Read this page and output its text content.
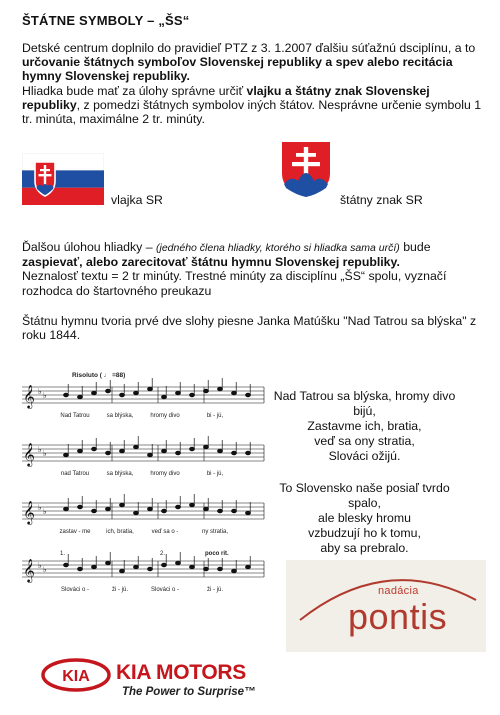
ŠTÁTNE SYMBOLY – „ŠS“
Detské centrum doplnilo do pravidieľ PTZ z 3. 1.2007 ďalšiu súťažnú dsciplínu, a to určovanie štátnych symboľov Slovenskej republiky a spev alebo recitácia hymny Slovenskej republiky.
Hliadka bude mať za úlohy správne určiť vlajku a štátny znak Slovenskej republiky, z pomedzi štátnych symbolov iných štátov. Nesprávne určenie symbolu 1 tr. minúta, maximálne 2 tr. minúty.
vlajka SR	štátny znak SR
Ďalšou úlohou hliadky – (jedného člena hliadky, ktorého si hliadka sama určí) bude zaspievať, alebo zarecitovať štátnu hymnu Slovenskej republiky.
Neznalosť textu = 2 tr minúty. Trestné minúty za disciplínu „ŠS“ spolu, vyznačí rozhodca do štartovného preukazu
Štátnu hymnu tvoria prvé dve slohy piesne Janka Matúšku "Nad Tatrou sa blýska" z roku 1844.
𝄞 ♭ ♭
𝄞 ♭ ♭
𝄞 ♭ ♭
𝄞 ♭ ♭
Risoluto ( ♩ =88)
1.	2.	poco rit.
Nad Tatrou	sa blýska,	hromy divo	bi - jú,
nad Tatrou	sa blýska,	hromy divo	bi - jú,
zastav - me	ich, bratia,	veď sa o -	ny stratia,
Slováci o -	ži - jú.	Slováci o -	ži - jú.
Nad Tatrou sa blýska, hromy divo
bijú,
Zastavme ich, bratia,
veď sa ony stratia,
Slováci ožijú.
To Slovensko naše posiaľ tvrdo
spalo,
ale blesky hromu
vzbudzují ho k tomu,
aby sa prebralo.
nadácia
pontis
KIA KIA MOTORS
The Power to Surprise™
